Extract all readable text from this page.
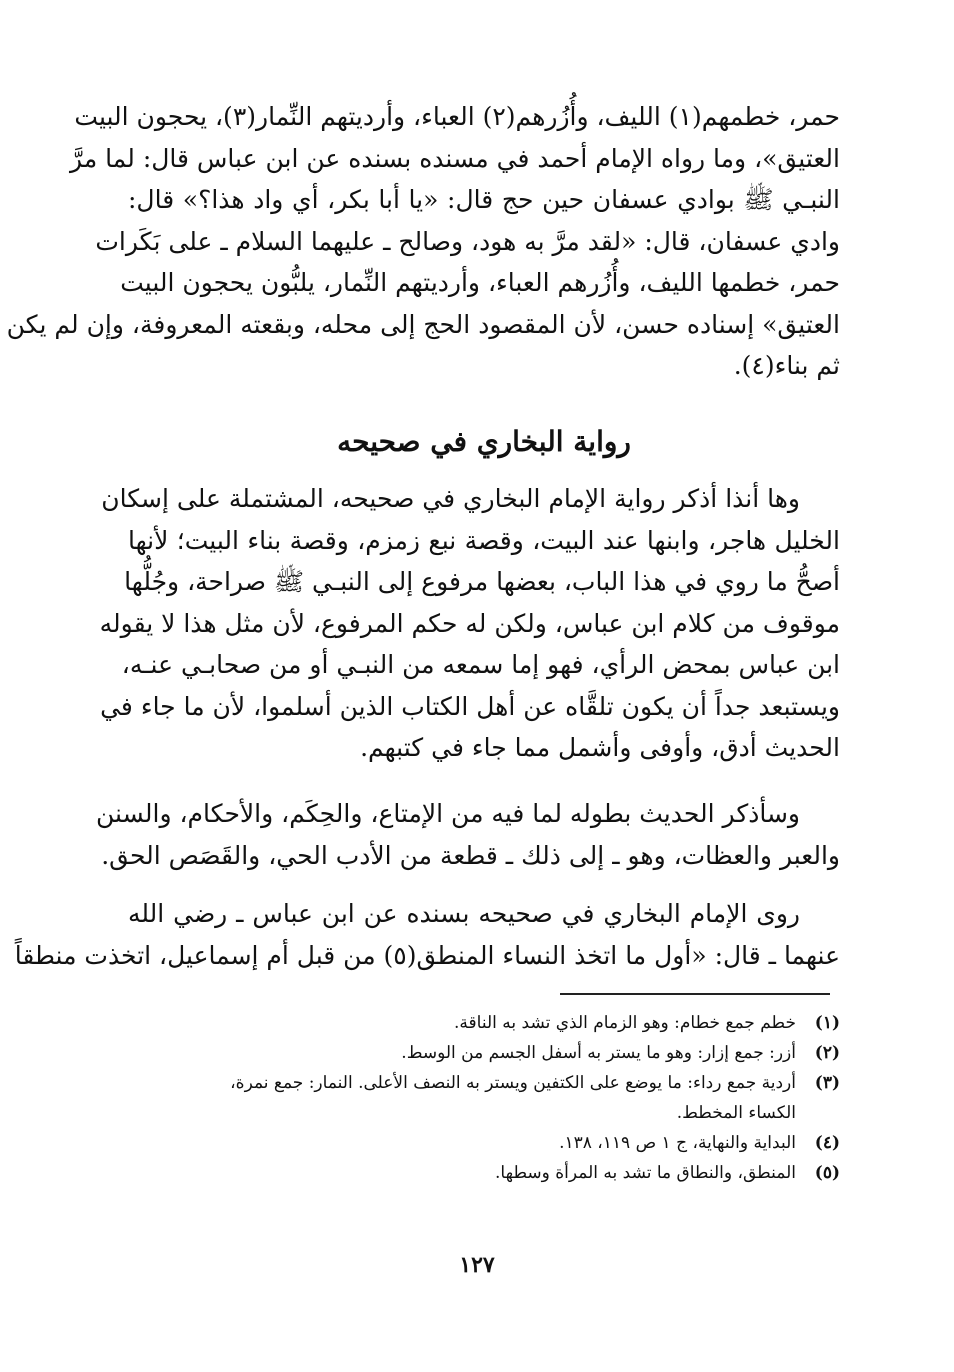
حمر، خطمهم(١) الليف، وأُزُرهم(٢) العباء، وأرديتهم النِّمار(٣)، يحجون البيت
العتيق»، وما رواه الإمام أحمد في مسنده بسنده عن ابن عباس قال: لما مرَّ
النبـي ﷺ بوادي عسفان حين حج قال: «يا أبا بكر، أي واد هذا؟» قال:
وادي عسفان، قال: «لقد مرَّ به هود، وصالح ـ عليهما السلام ـ على بَكَرات
حمر، خطمها الليف، وأُزُرهم العباء، وأرديتهم النِّمار، يلبُّون يحجون البيت
العتيق» إسناده حسن، لأن المقصود الحج إلى محله، وبقعته المعروفة، وإن لم يكن
ثم بناء(٤).
رواية البخاري في صحيحه
وها أنذا أذكر رواية الإمام البخاري في صحيحه، المشتملة على إسكان
الخليل هاجر، وابنها عند البيت، وقصة نبع زمزم، وقصة بناء البيت؛ لأنها
أصحُّ ما روي في هذا الباب، بعضها مرفوع إلى النبـي ﷺ صراحة، وجُلُّها
موقوف من كلام ابن عباس، ولكن له حكم المرفوع، لأن مثل هذا لا يقوله
ابن عباس بمحض الرأي، فهو إما سمعه من النبـي أو من صحابـي عنـه،
ويستبعد جداً أن يكون تلقَّاه عن أهل الكتاب الذين أسلموا، لأن ما جاء في
الحديث أدق، وأوفى وأشمل مما جاء في كتبهم.
وسأذكر الحديث بطوله لما فيه من الإمتاع، والحِكَم، والأحكام، والسنن
والعبر والعظات، وهو ـ إلى ذلك ـ قطعة من الأدب الحي، والقَصَص الحق.
روى الإمام البخاري في صحيحه بسنده عن ابن عباس ـ رضي الله
عنهما ـ قال: «أول ما اتخذ النساء المنطق(٥) من قبل أم إسماعيل، اتخذت منطقاً
(١)
خطم جمع خطام: وهو الزمام الذي تشد به الناقة.
(٢)
أزر: جمع إزار: وهو ما يستر به أسفل الجسم من الوسط.
(٣)
أردية جمع رداء: ما يوضع على الكتفين ويستر به النصف الأعلى. النمار: جمع نمرة،
الكساء المخطط.
(٤)
البداية والنهاية، ج ١ ص ١١٩، ١٣٨.
(٥)
المنطق، والنطاق ما تشد به المرأة وسطها.
١٢٧
